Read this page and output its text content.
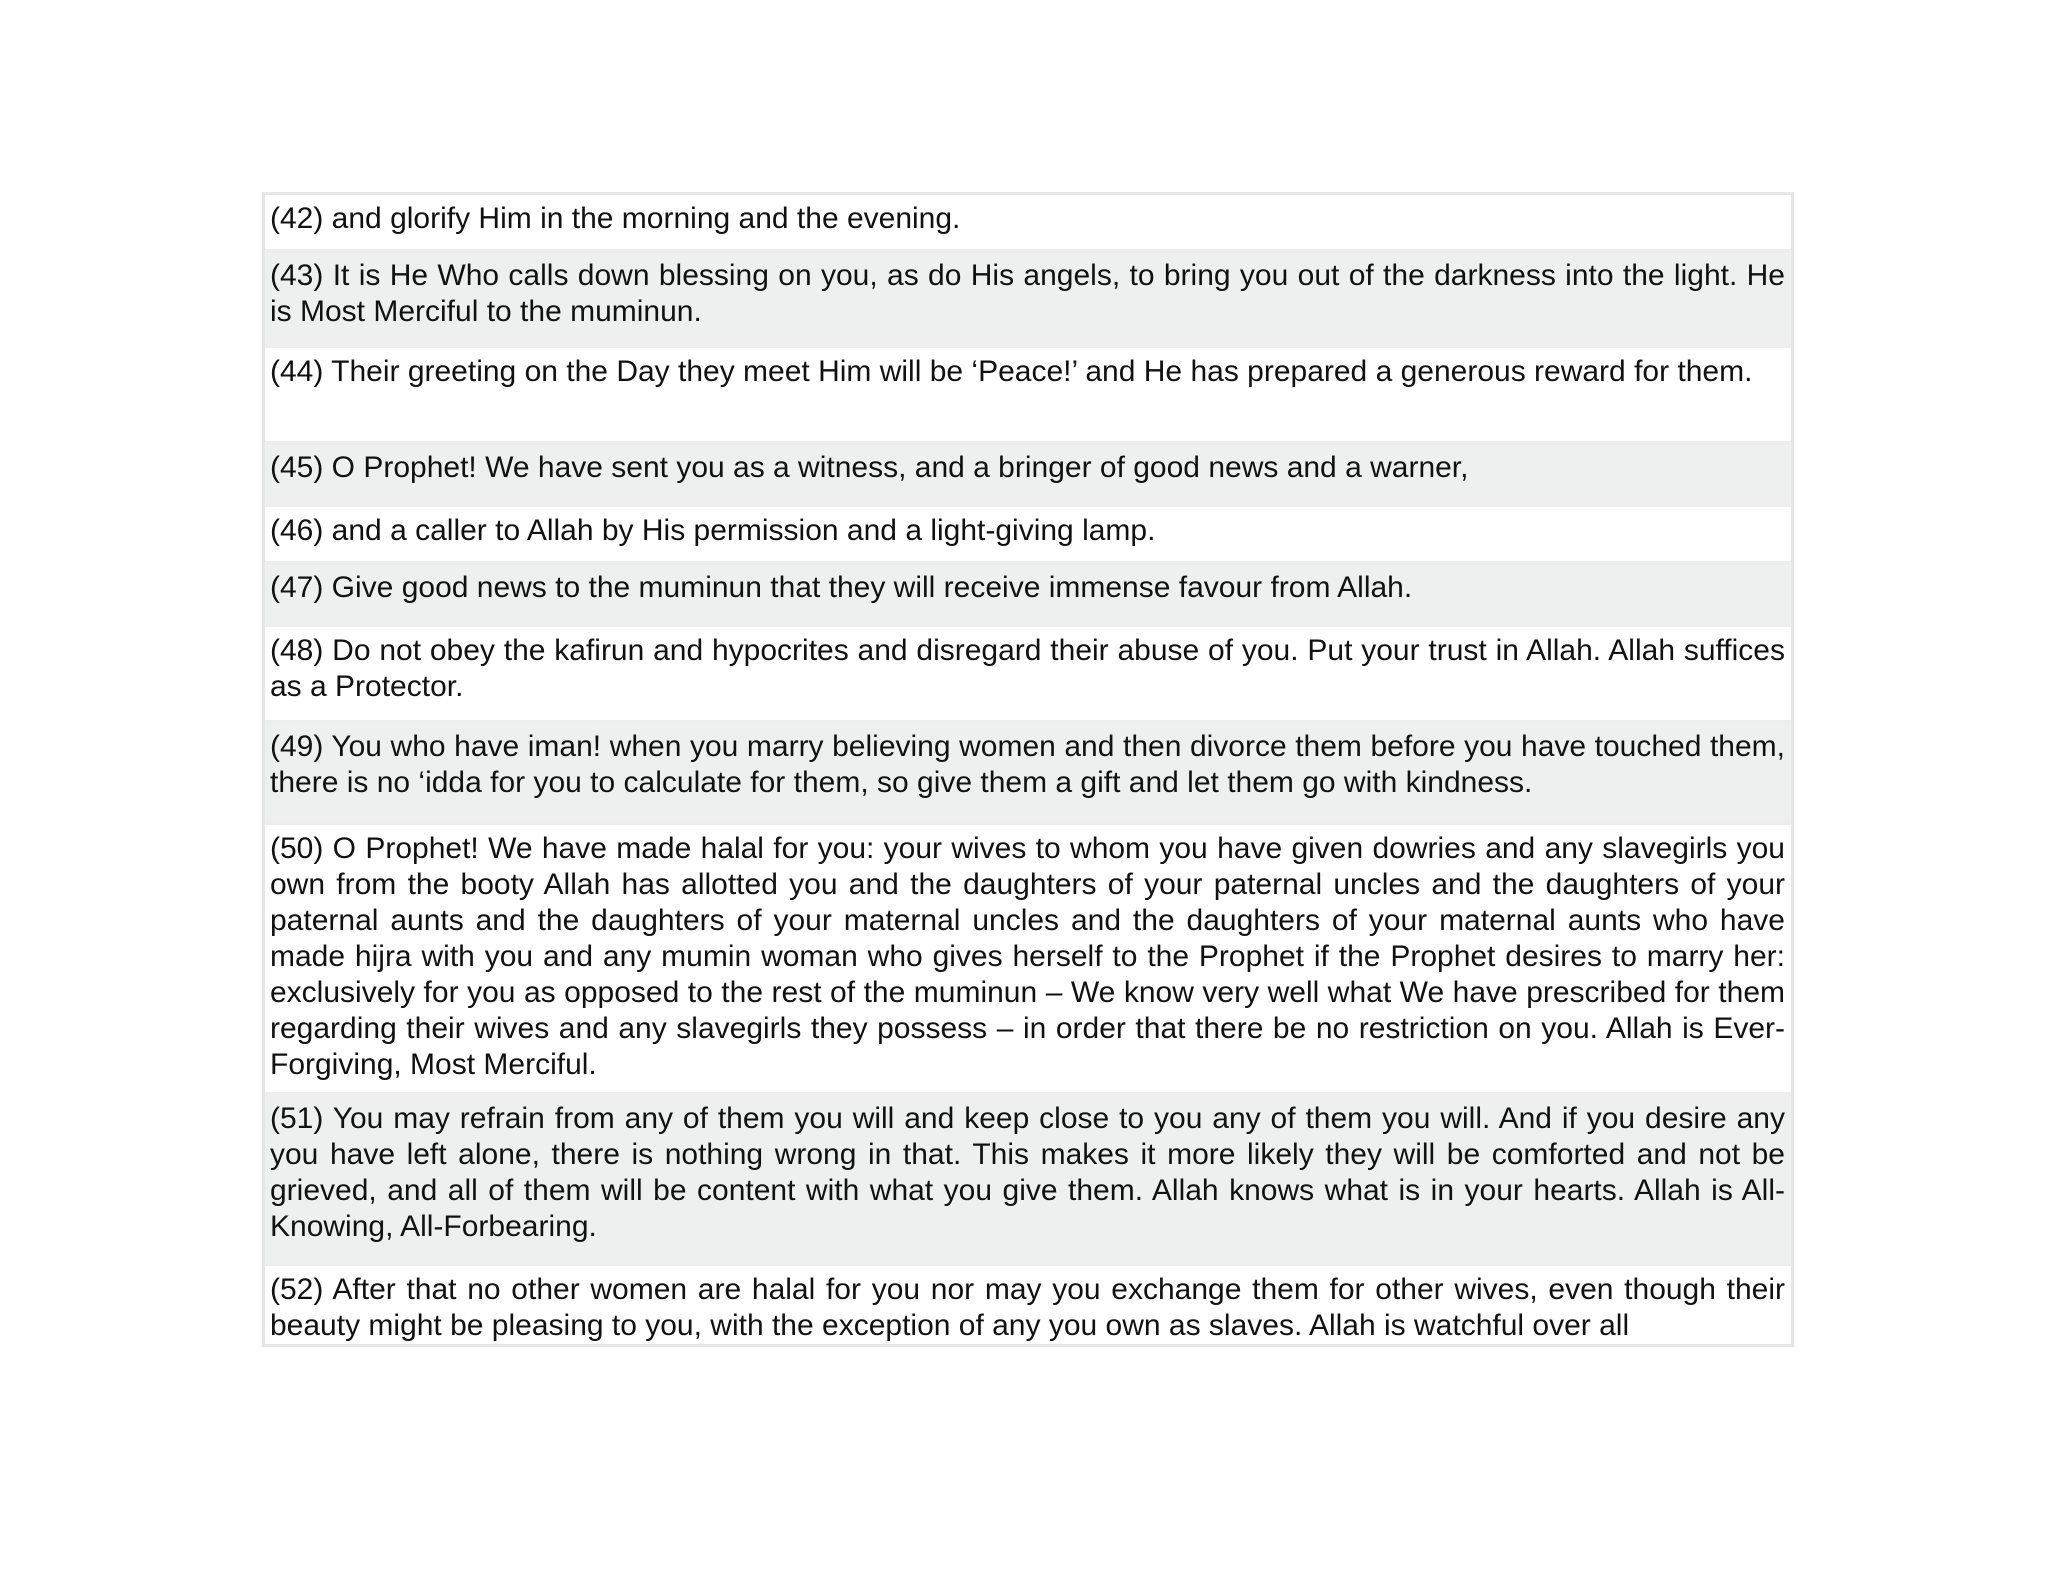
(42) and glorify Him in the morning and the evening.

(43) It is He Who calls down blessing on you, as do His angels, to bring you out of the darkness into the light. He is Most Merciful to the muminun.

(44) Their greeting on the Day they meet Him will be ‘Peace!’ and He has prepared a generous reward for them.

(45) O Prophet! We have sent you as a witness, and a bringer of good news and a warner,

(46) and a caller to Allah by His permission and a light-giving lamp.

(47) Give good news to the muminun that they will receive immense favour from Allah.

(48) Do not obey the kafirun and hypocrites and disregard their abuse of you. Put your trust in Allah. Allah suffices as a Protector.

(49) You who have iman! when you marry believing women and then divorce them before you have touched them, there is no ‘idda for you to calculate for them, so give them a gift and let them go with kindness.

(50) O Prophet! We have made halal for you: your wives to whom you have given dowries and any slavegirls you own from the booty Allah has allotted you and the daughters of your paternal uncles and the daughters of your paternal aunts and the daughters of your maternal uncles and the daughters of your maternal aunts who have made hijra with you and any mumin woman who gives herself to the Prophet if the Prophet desires to marry her: exclusively for you as opposed to the rest of the muminun – We know very well what We have prescribed for them regarding their wives and any slavegirls they possess – in order that there be no restriction on you. Allah is Ever-Forgiving, Most Merciful.

(51) You may refrain from any of them you will and keep close to you any of them you will. And if you desire any you have left alone, there is nothing wrong in that. This makes it more likely they will be comforted and not be grieved, and all of them will be content with what you give them. Allah knows what is in your hearts. Allah is All-Knowing, All-Forbearing.

(52) After that no other women are halal for you nor may you exchange them for other wives, even though their beauty might be pleasing to you, with the exception of any you own as slaves. Allah is watchful over all
